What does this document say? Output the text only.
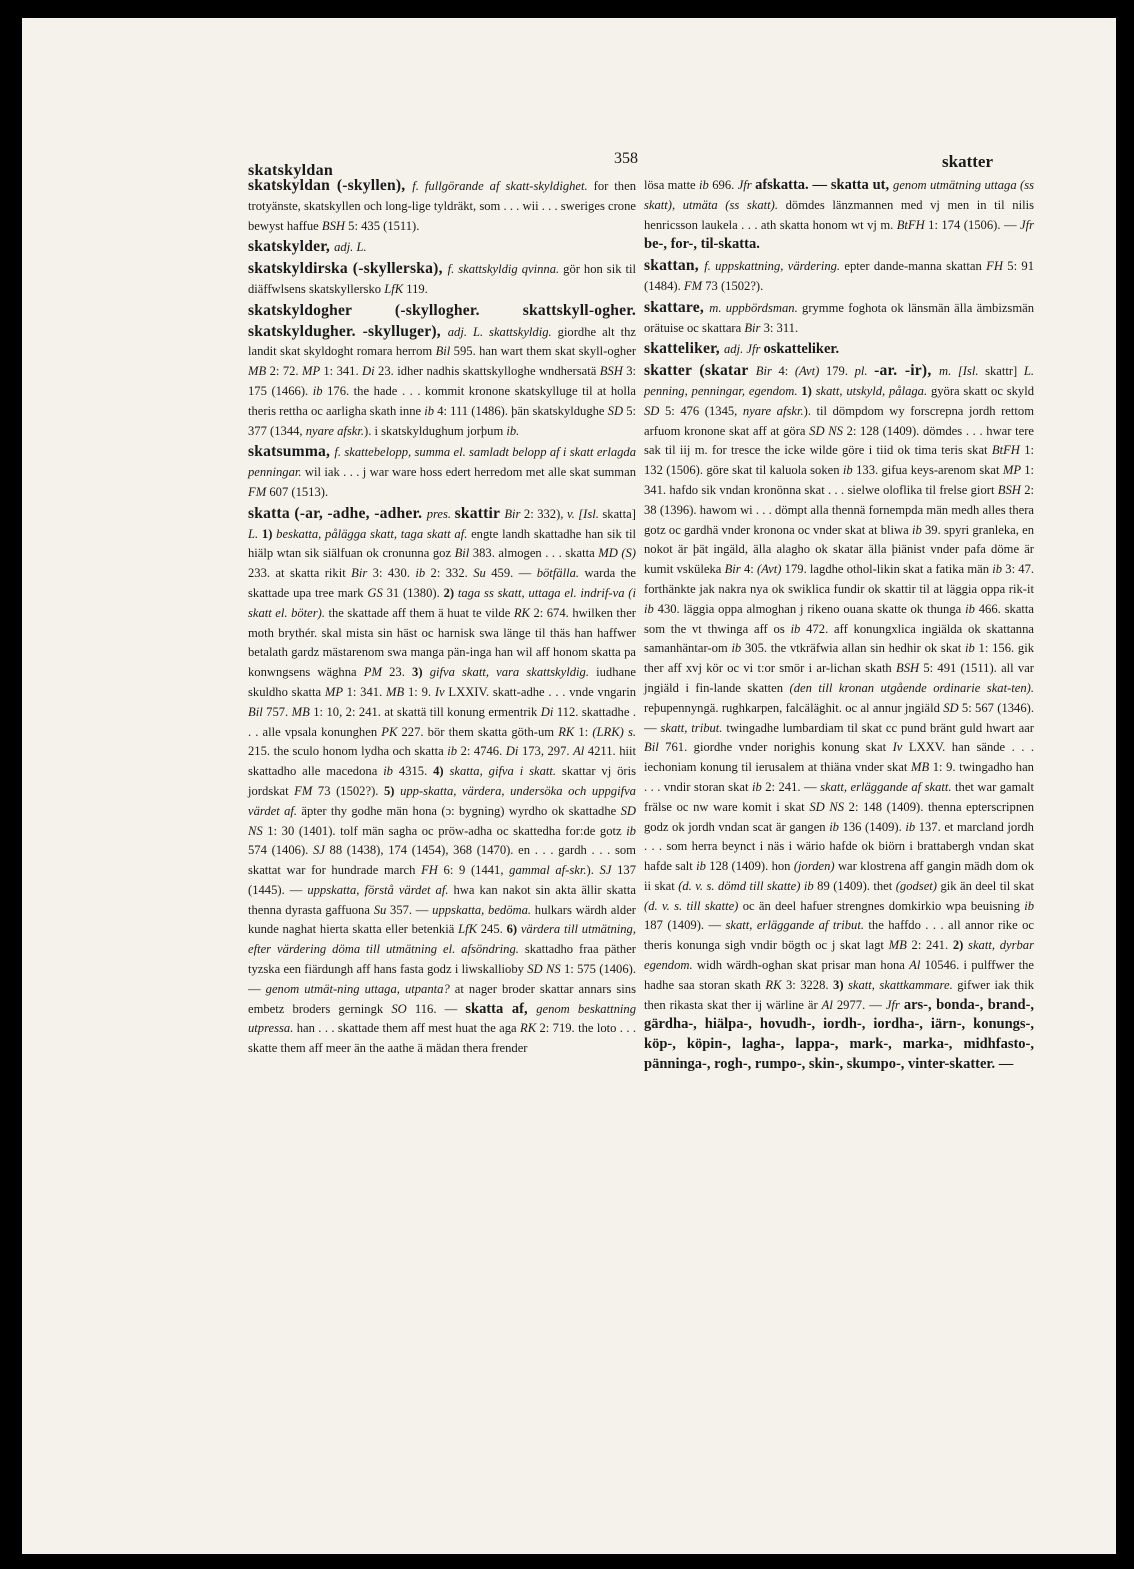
skatskyldan
358	skatter

skatskyldan (-skyllen), f. fullgörande af skatt-skyldighet. for then trotyänste, skatskyllen och long-lige tyldräkt, som . . . wii . . . sweriges crone bewyst haffue BSH 5: 435 (1511).

skatskylder, adj. L.

skatskyldirska (-skyllerska), f. skattskyldig qvinna. gör hon sik til diäffwlsens skatskyllersko LfK 119.

skatskyldogher (-skyllogher. skattskyll-ogher. skatskyldugher. -skylluger), adj. L. skattskyldig. giordhe alt thz landit skat skyldoght romara herrom Bil 595. han wart them skat skyll-ogher MB 2: 72. MP 1: 341. Di 23. idher nadhis skattskylloghe wndhersatä BSH 3: 175 (1466). ib 176. the hade . . . kommit kronone skatskylluge til at holla theris rettha oc aarligha skath inne ib 4: 111 (1486). þän skatskyldughe SD 5: 377 (1344, nyare afskr.). i skatskyldughum jorþum ib.

skatsumma, f. skattebelopp, summa el. samladt belopp af i skatt erlagda penningar. wil iak . . . j war ware hoss edert herredom met alle skat summan FM 607 (1513).

skatta (-ar, -adhe, -adher. pres. skattir Bir 2: 332), v. [Isl. skatta] L. 1) beskatta, pålägga skatt, taga skatt af. engte landh skattadhe han sik til hiälp wtan sik siälfuan ok cronunna goz Bil 383. almogen . . . skatta MD (S) 233. at skatta rikit Bir 3: 430. ib 2: 332. Su 459. — bötfälla. warda the skattade upa tree mark GS 31 (1380). 2) taga ss skatt, uttaga el. indrif-va (i skatt el. böter). the skattade aff them ä huat te vilde RK 2: 674. hwilken ther moth brythér. skal mista sin häst oc harnisk swa länge til thäs han haffwer betalath gardz mästarenom swa manga pän-inga han wil aff honom skatta pa konwngsens wäghna PM 23. 3) gifva skatt, vara skattskyldig. iudhane skuldho skatta MP 1: 341. MB 1: 9. Iv LXXIV. skatt-adhe . . . vnde vngarin Bil 757. MB 1: 10, 2: 241. at skattä till konung ermentrik Di 112. skattadhe . . . alle vpsala konunghen PK 227. bör them skatta göth-um RK 1: (LRK) s. 215. the sculo honom lydha och skatta ib 2: 4746. Di 173, 297. Al 4211. hiit skattadho alle macedona ib 4315. 4) skatta, gifva i skatt. skattar vj öris jordskat FM 73 (1502?). 5) upp-skatta, värdera, undersöka och uppgifva värdet af. äpter thy godhe män hona (ɔ: bygning) wyrdho ok skattadhe SD NS 1: 30 (1401). tolf män sagha oc pröw-adha oc skattedha for:de gotz ib 574 (1406). SJ 88 (1438), 174 (1454), 368 (1470). en . . . gardh . . . som skattat war for hundrade march FH 6: 9 (1441, gammal af-skr.). SJ 137 (1445). — uppskatta, förstå värdet af. hwa kan nakot sin akta ällir skatta thenna dyrasta gaffuona Su 357. — uppskatta, bedöma. hulkars wärdh alder kunde naghat hierta skatta eller betenkiä LfK 245. 6) värdera till utmätning, efter värdering döma till utmätning el. afsöndring. skattadho fraa päther tyzska een fiärdungh aff hans fasta godz i liwskallioby SD NS 1: 575 (1406). — genom utmät-ning uttaga, utpanta? at nager broder skattar annars sins embetz broders gerningk SO 116. — skatta af, genom beskattning utpressa. han . . . skattade them aff mest huat the aga RK 2: 719. the loto . . . skatte them aff meer än the aathe ä mädan thera frender

lösa matte ib 696. Jfr afskatta. — skatta ut, genom utmätning uttaga (ss skatt), utmäta (ss skatt). dömdes länzmannen med vj men in til nilis henricsson laukela . . . ath skatta honom wt vj m. BtFH 1: 174 (1506). — Jfr be-, for-, til-skatta.

skattan, f. uppskattning, värdering. epter dande-manna skattan FH 5: 91 (1484). FM 73 (1502?).

skattare, m. uppbördsman. grymme foghota ok länsmän älla ämbizsmän orätuise oc skattara Bir 3: 311.

skatteliker, adj. Jfr oskatteliker.

skatter (skatar Bir 4: (Avt) 179. pl. -ar. -ir), m. [Isl. skattr] L. penning, penningar, egendom. 1) skatt, utskyld, pålaga. györa skatt oc skyld SD 5: 476 (1345, nyare afskr.). til dömpdom wy forscrepna jordh rettom arfuom kronone skat aff at göra SD NS 2: 128 (1409). dömdes . . . hwar tere sak til iij m. for tresce the icke wilde göre i tiid ok tima teris skat BtFH 1: 132 (1506). göre skat til kaluola soken ib 133. gifua keys-arenom skat MP 1: 341. hafdo sik vndan kronönna skat . . . sielwe oloflika til frelse giort BSH 2: 38 (1396). hawom wi . . . dömpt alla thennä fornempda män medh alles thera gotz oc gardhä vnder kronona oc vnder skat at bliwa ib 39. spyri granleka, en nokot är þät ingäld, älla alagho ok skatar älla þiänist vnder pafa döme är kumit vsküleka Bir 4: (Avt) 179. lagdhe othol-likin skat a fatika män ib 3: 47. forthänkte jak nakra nya ok swiklica fundir ok skattir til at läggia oppa rik-it ib 430. läggia oppa almoghan j rikeno ouana skatte ok thunga ib 466. skatta som the vt thwinga aff os ib 472. aff konungxlica ingiälda ok skattanna samanhäntar-om ib 305. the vtkräfwia allan sin hedhir ok skat ib 1: 156. gik ther aff xvj kör oc vi t:or smör i ar-lichan skath BSH 5: 491 (1511). all var jngiäld i fin-lande skatten (den till kronan utgående ordinarie skat-ten). reþupennyngä. rughkarpen, falcäläghit. oc al annur jngiäld SD 5: 567 (1346). — skatt, tribut. twingadhe lumbardiam til skat cc pund bränt guld hwart aar Bil 761. giordhe vnder norighis konung skat Iv LXXV. han sände . . . iechoniam konung til ierusalem at thiäna vnder skat MB 1: 9. twingadho han . . . vndir storan skat ib 2: 241. — skatt, erläggande af skatt. thet war gamalt frälse oc nw ware komit i skat SD NS 2: 148 (1409). thenna epterscripnen godz ok jordh vndan scat är gangen ib 136 (1409). ib 137. et marcland jordh . . . som herra beynct i näs i wärio hafde ok biörn i brattabergh vndan skat hafde salt ib 128 (1409). hon (jorden) war klostrena aff gangin mädh dom ok ii skat (d. v. s. dömd till skatte) ib 89 (1409). thet (godset) gik än deel til skat (d. v. s. till skatte) oc än deel hafuer strengnes domkirkio wpa beuisning ib 187 (1409). — skatt, erläggande af tribut. the haffdo . . . all annor rike oc theris konunga sigh vndir bögth oc j skat lagt MB 2: 241. 2) skatt, dyrbar egendom. widh wärdh-oghan skat prisar man hona Al 10546. i pulffwer the hadhe saa storan skath RK 3: 3228. 3) skatt, skattkammare. gifwer iak thik then rikasta skat ther ij wärline är Al 2977. — Jfr ars-, bonda-, brand-, gärdha-, hiälpa-, hovudh-, iordh-, iordha-, iärn-, konungs-, köp-, köpin-, lagha-, lappa-, mark-, marka-, midhfasto-, pänninga-, rogh-, rumpo-, skin-, skumpo-, vinter-skatter. —
